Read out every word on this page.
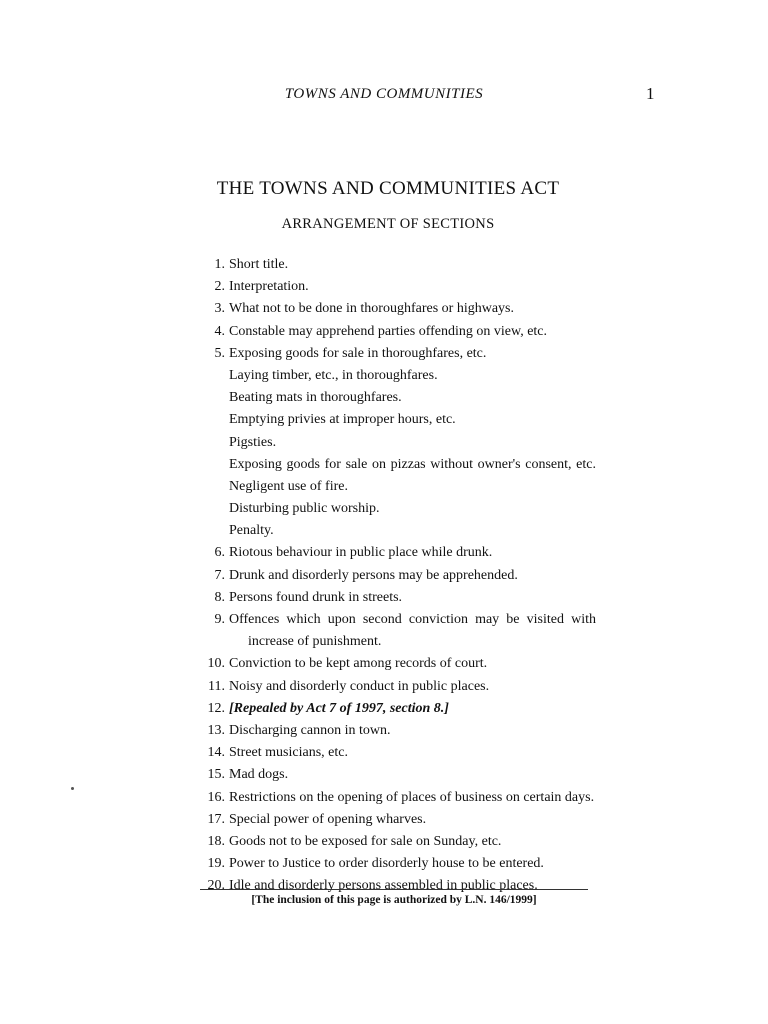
TOWNS AND COMMUNITIES	1
THE TOWNS AND COMMUNITIES ACT
ARRANGEMENT OF SECTIONS
1. Short title.
2. Interpretation.
3. What not to be done in thoroughfares or highways.
4. Constable may apprehend parties offending on view, etc.
5. Exposing goods for sale in thoroughfares, etc.
Laying timber, etc., in thoroughfares.
Beating mats in thoroughfares.
Emptying privies at improper hours, etc.
Pigsties.
Exposing goods for sale on pizzas without owner's consent, etc.
Negligent use of fire.
Disturbing public worship.
Penalty.
6. Riotous behaviour in public place while drunk.
7. Drunk and disorderly persons may be apprehended.
8. Persons found drunk in streets.
9. Offences which upon second conviction may be visited with
increase of punishment.
10. Conviction to be kept among records of court.
11. Noisy and disorderly conduct in public places.
12. [Repealed by Act 7 of 1997, section 8.]
13. Discharging cannon in town.
14. Street musicians, etc.
15. Mad dogs.
16. Restrictions on the opening of places of business on certain days.
17. Special power of opening wharves.
18. Goods not to be exposed for sale on Sunday, etc.
19. Power to Justice to order disorderly house to be entered.
20. Idle and disorderly persons assembled in public places.
[The inclusion of this page is authorized by L.N. 146/1999]
